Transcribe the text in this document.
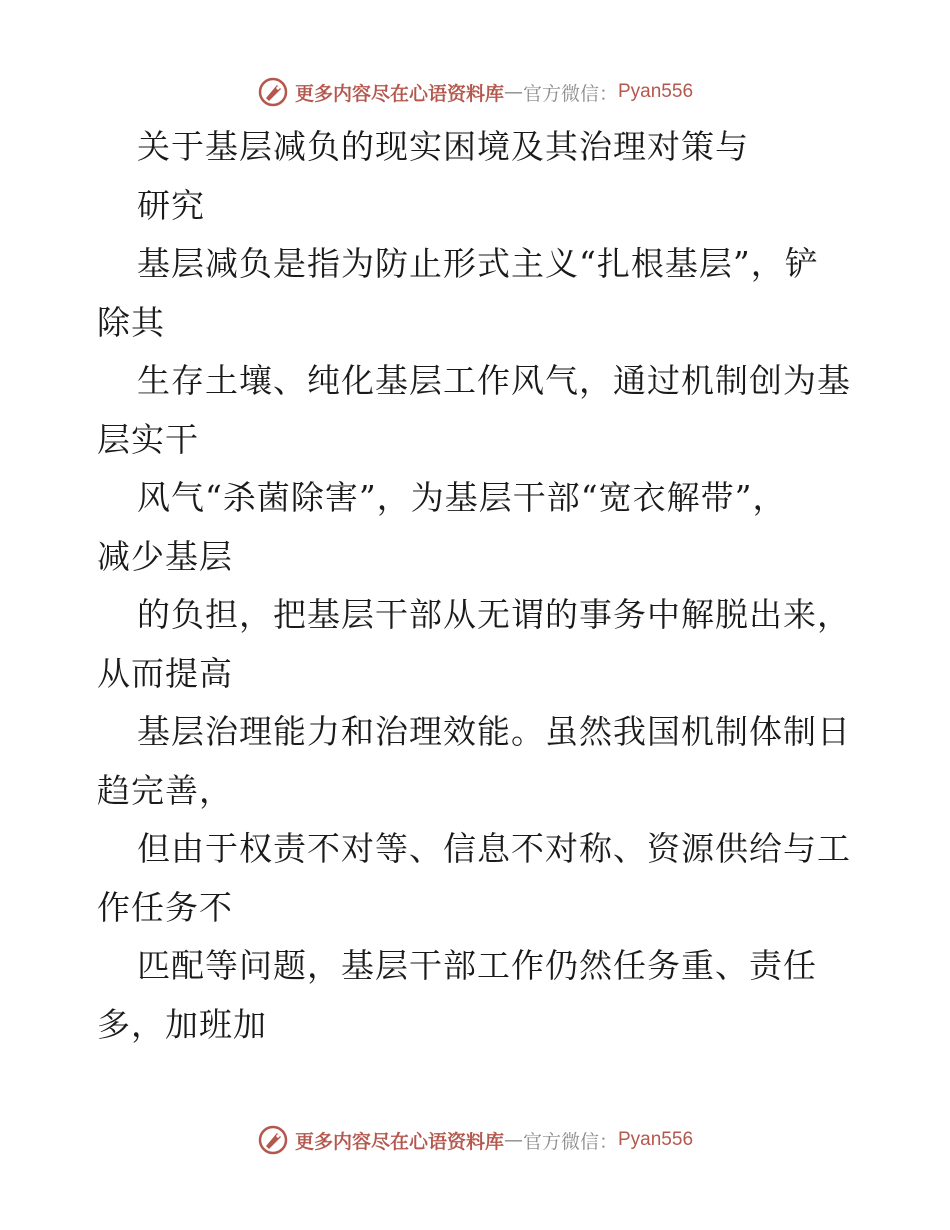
更多内容尽在心语资料库 — 官方微信： Pyan556
关于基层减负的现实困境及其治理对策与
研究
基层减负是指为防止形式主义“扎根基层”，铲
除其
生存土壤、纯化基层工作风气，通过机制创为基
层实干
风气“杀菌除害”，为基层干部“宽衣解带”，
减少基层
的负担，把基层干部从无谓的事务中解脱出来，
从而提高
基层治理能力和治理效能。虽然我国机制体制日
趋完善，
但由于权责不对等、信息不对称、资源供给与工
作任务不
匹配等问题，基层干部工作仍然任务重、责任
多，加班加
更多内容尽在心语资料库 — 官方微信： Pyan556
